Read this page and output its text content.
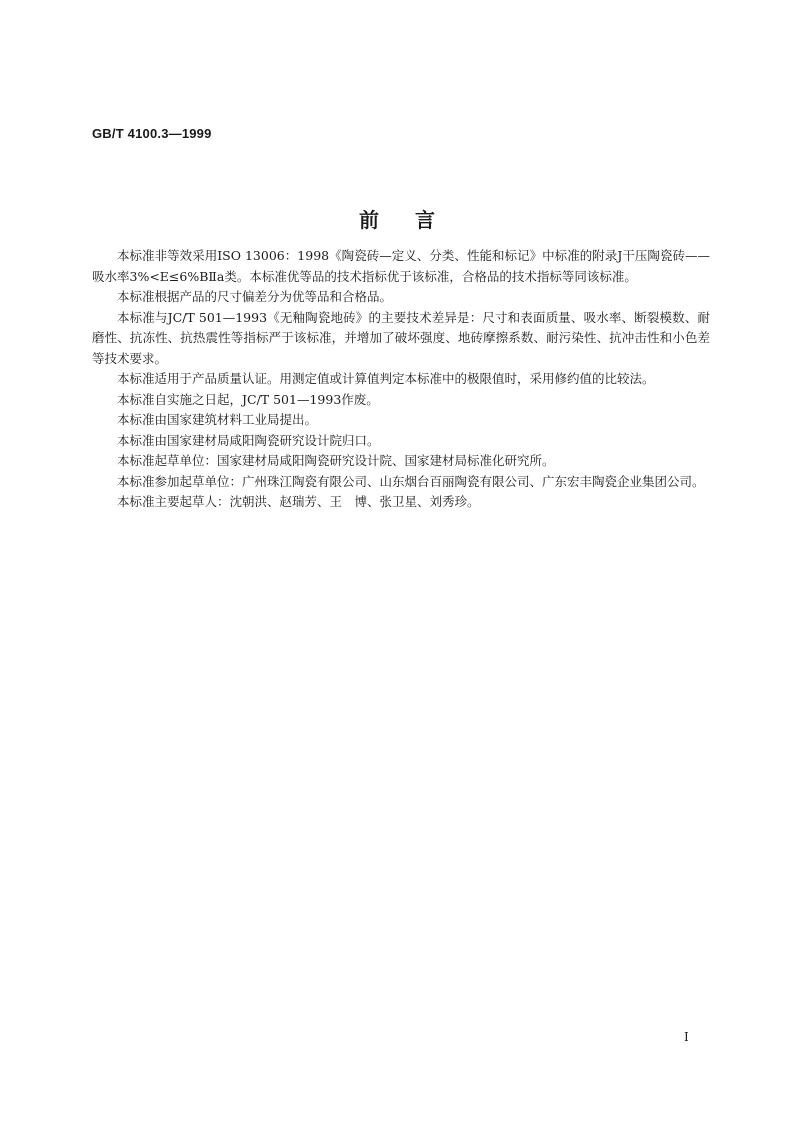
GB/T 4100.3—1999
前言

本标准非等效采用ISO 13006：1998《陶瓷砖—定义、分类、性能和标记》中标准的附录J干压陶瓷砖——吸水率3%<E≤6%BⅡa类。本标准优等品的技术指标优于该标准，合格品的技术指标等同该标准。

本标准根据产品的尺寸偏差分为优等品和合格品。

本标准与JC/T 501—1993《无釉陶瓷地砖》的主要技术差异是：尺寸和表面质量、吸水率、断裂模数、耐磨性、抗冻性、抗热震性等指标严于该标准，并增加了破坏强度、地砖摩擦系数、耐污染性、抗冲击性和小色差等技术要求。

本标准适用于产品质量认证。用测定值或计算值判定本标准中的极限值时，采用修约值的比较法。

本标准自实施之日起，JC/T 501—1993作废。

本标准由国家建筑材料工业局提出。

本标准由国家建材局咸阳陶瓷研究设计院归口。

本标准起草单位：国家建材局咸阳陶瓷研究设计院、国家建材局标准化研究所。

本标准参加起草单位：广州珠江陶瓷有限公司、山东烟台百丽陶瓷有限公司、广东宏丰陶瓷企业集团公司。

本标准主要起草人：沈朝洪、赵瑞芳、王　博、张卫星、刘秀珍。

I
